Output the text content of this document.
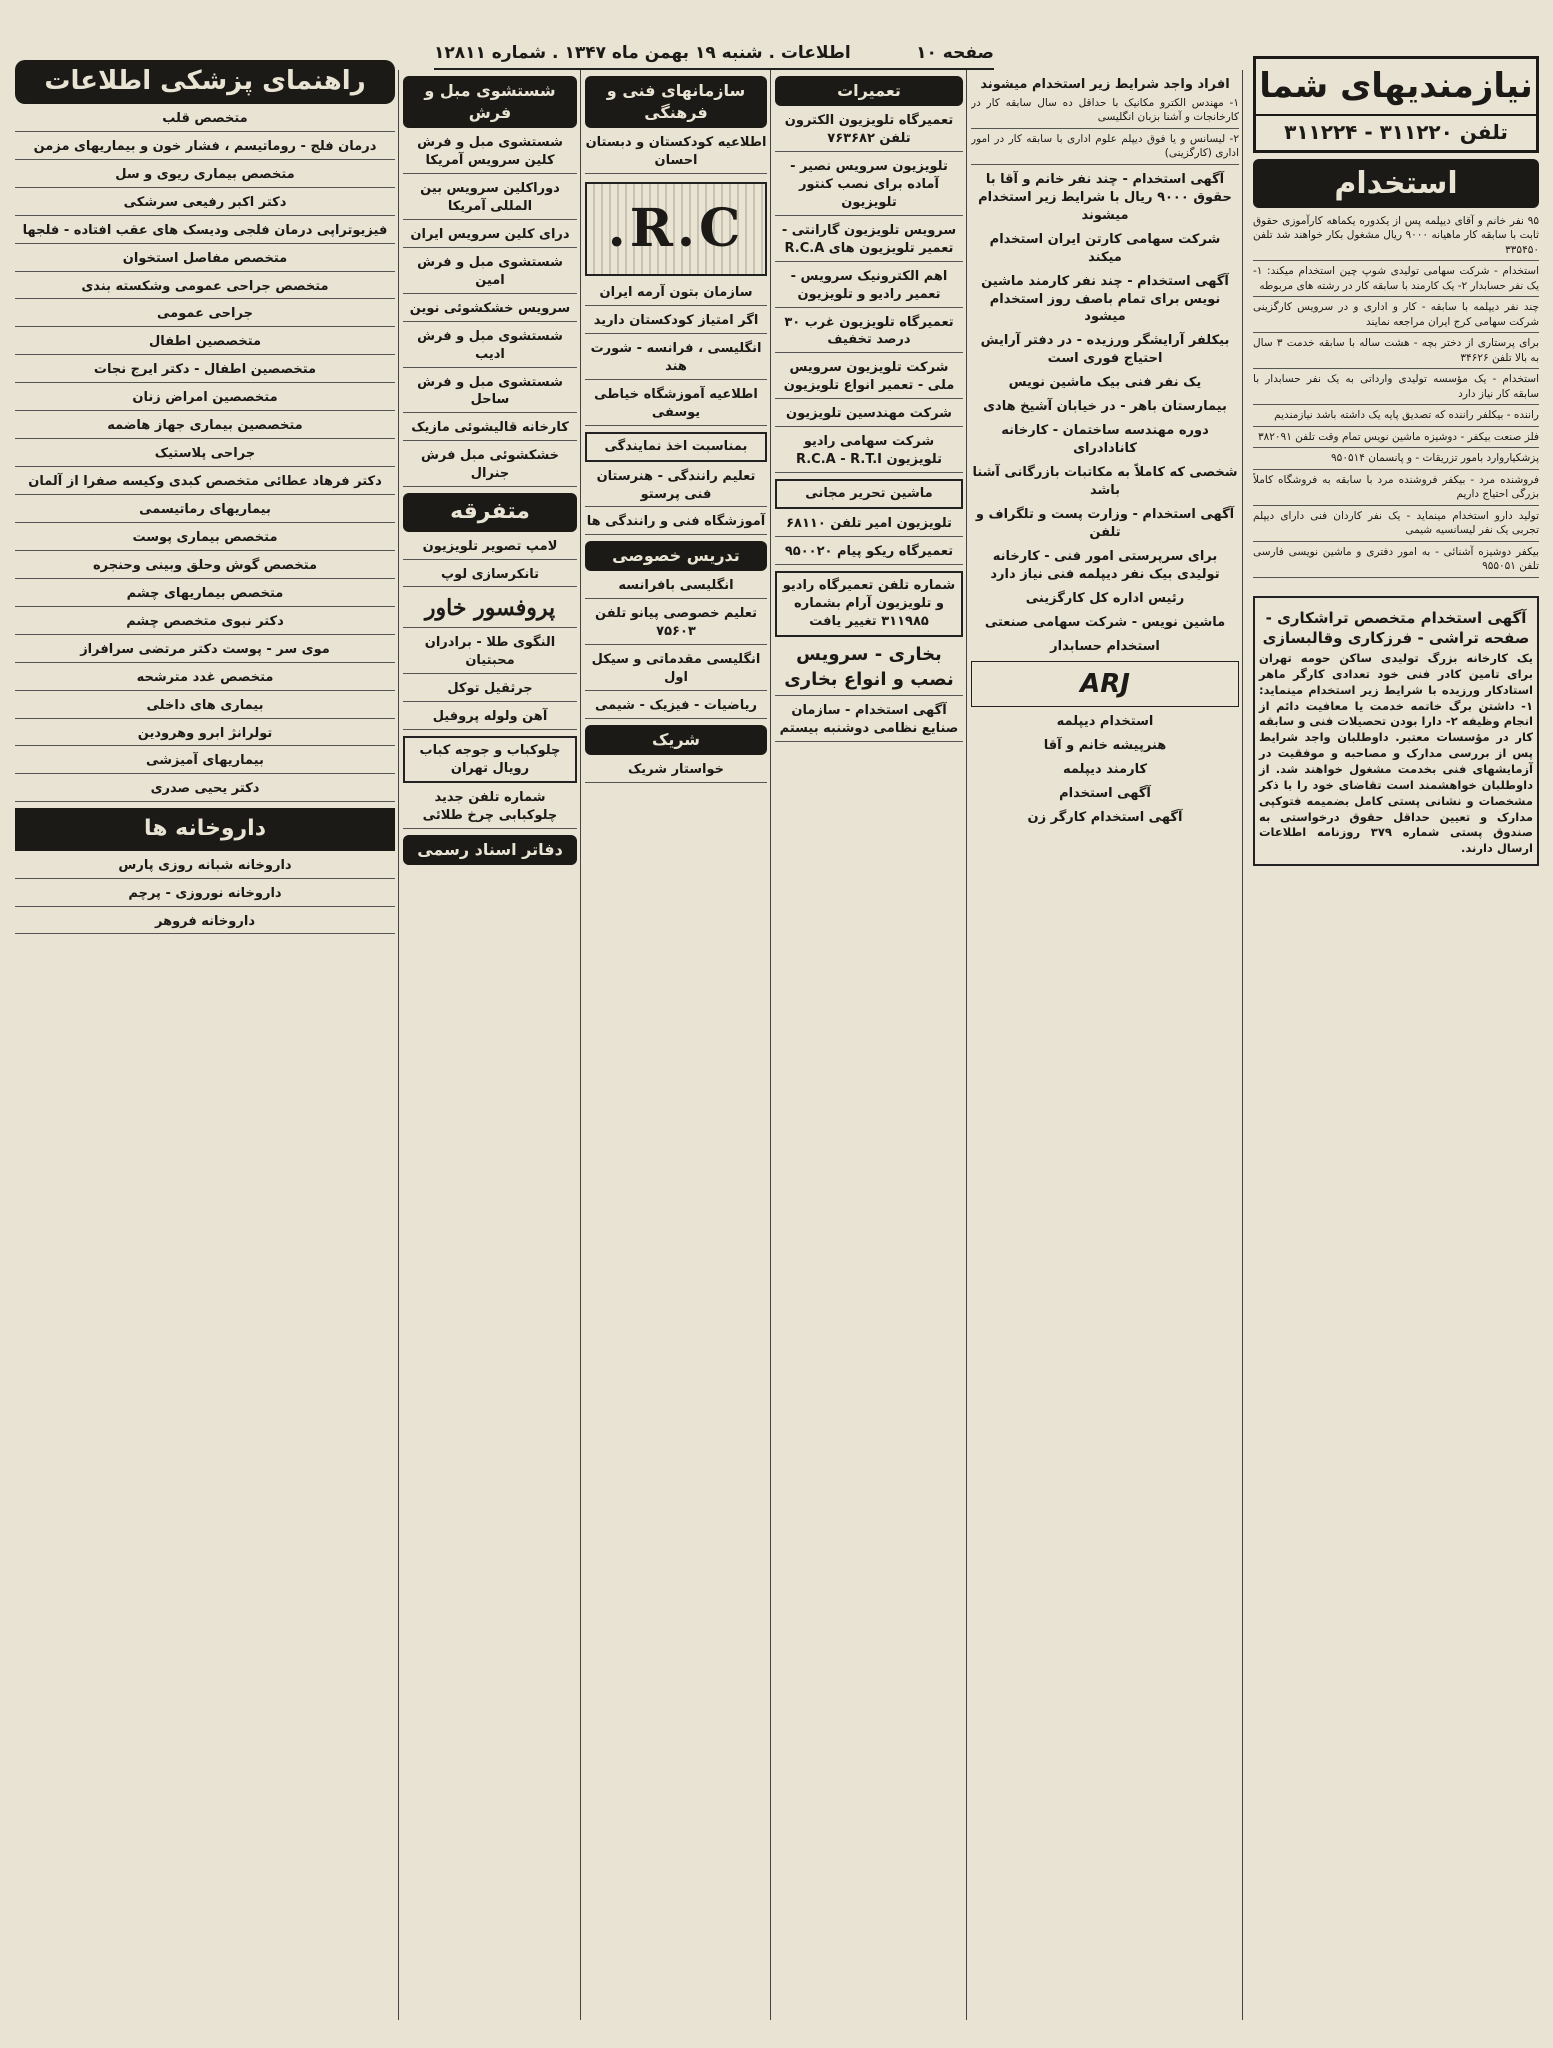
صفحه ۱۰
اطلاعات . شنبه ۱۹ بهمن ماه ۱۳۴۷ . شماره ۱۲۸۱۱
نیازمندیهای شما
تلفن ۳۱۱۲۲۰ - ۳۱۱۲۲۴
استخدام

۹۵ نفر خانم و آقای دیپلمه پس از یکدوره یکماهه کارآموزی حقوق ثابت با سابقه کار ماهیانه ۹۰۰۰ ریال مشغول بکار خواهند شد تلفن ۳۳۵۴۵۰

استخدام - شرکت سهامی تولیدی شوپ چین استخدام میکند: ۱- یک نفر حسابدار ۲- یک کارمند با سابقه کار در رشته های مربوطه

چند نفر دیپلمه با سابقه - کار و اداری و در سرویس کارگزینی شرکت سهامی کرج ایران مراجعه نمایند

برای پرستاری از دختر بچه - هشت ساله با سابقه خدمت ۳ سال به بالا تلفن ۳۴۶۲۶

استخدام - یک مؤسسه تولیدی وارداتی به یک نفر حسابدار با سابقه کار نیاز دارد

راننده - بیکلفر راننده که تصدیق پایه یک داشته باشد نیازمندیم

فلز صنعت بیکفر - دوشیزه ماشین نویس تمام وقت تلفن ۳۸۲۰۹۱

پزشکیاروارد بامور تزریقات - و پانسمان ۹۵۰۵۱۴

فروشنده مرد - بیکفر فروشنده مرد با سابقه به فروشگاه کاملاً بزرگی احتیاج داریم

تولید دارو استخدام مینماید - یک نفر کاردان فنی دارای دیپلم تجربی یک نفر لیسانسیه شیمی

بیکفر دوشیزه آشنائی - به امور دفتری و ماشین نویسی فارسی تلفن ۹۵۵۰۵۱

آگهی استخدام متخصص تراشکاری - صفحه تراشی - فرزکاری وقالبسازی

یک کارخانه بزرگ تولیدی ساکن حومه تهران برای تامین کادر فنی خود تعدادی کارگر ماهر استادکار ورزیده با شرایط زیر استخدام مینماید: ۱- داشتن برگ خاتمه خدمت یا معافیت دائم از انجام وظیفه ۲- دارا بودن تحصیلات فنی و سابقه کار در مؤسسات معتبر. داوطلبان واجد شرایط پس از بررسی مدارک و مصاحبه و موفقیت در آزمایشهای فنی بخدمت مشغول خواهند شد. از داوطلبان خواهشمند است تقاضای خود را با ذکر مشخصات و نشانی پستی کامل بضمیمه فتوکپی مدارک و تعیین حداقل حقوق درخواستی به صندوق پستی شماره ۳۷۹ روزنامه اطلاعات ارسال دارند.

افراد واجد شرایط زیر استخدام میشوند

۱- مهندس الکترو مکانیک با حداقل ده سال سابقه کار در کارخانجات و آشنا بزبان انگلیسی

۲- لیسانس و یا فوق دیپلم علوم اداری با سابقه کار در امور اداری (کارگزینی)

آگهی استخدام - چند نفر خانم و آقا با حقوق ۹۰۰۰ ریال با شرایط زیر استخدام میشوند
شرکت سهامی کارتن ایران استخدام میکند
آگهی استخدام - چند نفر کارمند ماشین نویس برای تمام باصف روز استخدام میشود
بیکلفر آرایشگر ورزیده - در دفتر آرایش احتیاج فوری است
یک نفر فنی بیک ماشین نویس
بیمارستان باهر - در خیابان آشیخ هادی
دوره مهندسه ساختمان - کارخانه کانادادرای
شخصی که کاملاً به مکاتبات بازرگانی آشنا باشد
آگهی استخدام - وزارت پست و تلگراف و تلفن
برای سرپرستی امور فنی - کارخانه تولیدی بیک نفر دیپلمه فنی نیاز دارد
رئیس اداره کل کارگزینی
ماشین نویس - شرکت سهامی صنعتی
استخدام حسابدار
ARJ
استخدام دیپلمه
هنرپیشه خانم و آقا
کارمند دیپلمه
آگهی استخدام
آگهی استخدام کارگر زن
تعمیرات
تعمیرگاه تلویزیون الکترون تلفن ۷۶۳۶۸۲
تلویزیون سرویس نصیر - آماده برای نصب کنتور تلویزیون
سرویس تلویزیون گارانتی - تعمیر تلویزیون های R.C.A
اهم الکترونیک سرویس - تعمیر رادیو و تلویزیون
تعمیرگاه تلویزیون غرب ۳۰ درصد تخفیف
شرکت تلویزیون سرویس ملی - تعمیر انواع تلویزیون
شرکت مهندسین تلویزیون
شرکت سهامی رادیو تلویزیون R.C.A - R.T.I
ماشین تحریر مجانی
تلویزیون امیر تلفن ۶۸۱۱۰
تعمیرگاه ریکو پیام ۹۵۰۰۲۰
شماره تلفن تعمیرگاه رادیو و تلویزیون آرام بشماره ۳۱۱۹۸۵ تغییر یافت
بخاری - سرویس نصب و انواع بخاری
آگهی استخدام - سازمان صنایع نظامی دوشنبه بیستم
سازمانهای فنی و فرهنگی
اطلاعیه کودکستان و دبستان احسان
R.C.
سازمان بتون آرمه ایران
اگر امتیاز کودکستان دارید
انگلیسی ، فرانسه - شورت هند
اطلاعیه آموزشگاه خیاطی یوسفی
بمناسبت اخذ نمایندگی
تعلیم رانندگی - هنرستان فنی پرستو
آموزشگاه فنی و رانندگی ها
تدریس خصوصی
انگلیسی بافرانسه
تعلیم خصوصی پیانو تلفن ۷۵۶۰۳
انگلیسی مقدماتی و سیکل اول
ریاضیات - فیزیک - شیمی
شریک
خواستار شریک
شستشوی مبل و فرش
شستشوی مبل و فرش کلین سرویس آمریکا
دوراکلین سرویس بین المللی آمریکا
درای کلین سرویس ایران
شستشوی مبل و فرش امین
سرویس خشکشوئی نوین
شستشوی مبل و فرش ادیب
شستشوی مبل و فرش ساحل
کارخانه قالیشوئی مازیک
خشکشوئی مبل فرش جنرال
متفرقه
لامپ تصویر تلویزیون
تانکرسازی لوپ
پروفسور خاور
النگوی طلا - برادران محبتیان
جرثقیل توکل
آهن ولوله پروفیل
چلوکباب و جوجه کباب رویال تهران
شماره تلفن جدید چلوکبابی چرخ طلائی
دفاتر اسناد رسمی
راهنمای پزشکی اطلاعات
متخصص قلب
درمان فلج - روماتیسم ، فشار خون و بیماریهای مزمن
متخصص بیماری ریوی و سل
دکتر اکبر رفیعی سرشکی
فیزیوتراپی درمان فلجی ودیسک های عقب افتاده - فلجها
متخصص مفاصل استخوان
متخصص جراحی عمومی وشکسته بندی
جراحی عمومی
متخصصین اطفال
متخصصین اطفال - دکتر ایرج نجات
متخصصین امراض زنان
متخصصین بیماری جهاز هاضمه
جراحی پلاستیک
دکتر فرهاد عطائی متخصص کبدی وکیسه صفرا از آلمان
بیماریهای رماتیسمی
متخصص بیماری پوست
متخصص گوش وحلق وبینی وحنجره
متخصص بیماریهای چشم
دکتر نبوی متخصص چشم
موی سر - پوست دکتر مرتضی سرافراز
متخصص غدد مترشحه
بیماری های داخلی
تولرانژ ابرو وهرودین
بیماریهای آمیزشی
دکتر یحیی صدری
داروخانه ها
داروخانه شبانه روزی پارس
داروخانه نوروزی - پرچم
داروخانه فروهر
